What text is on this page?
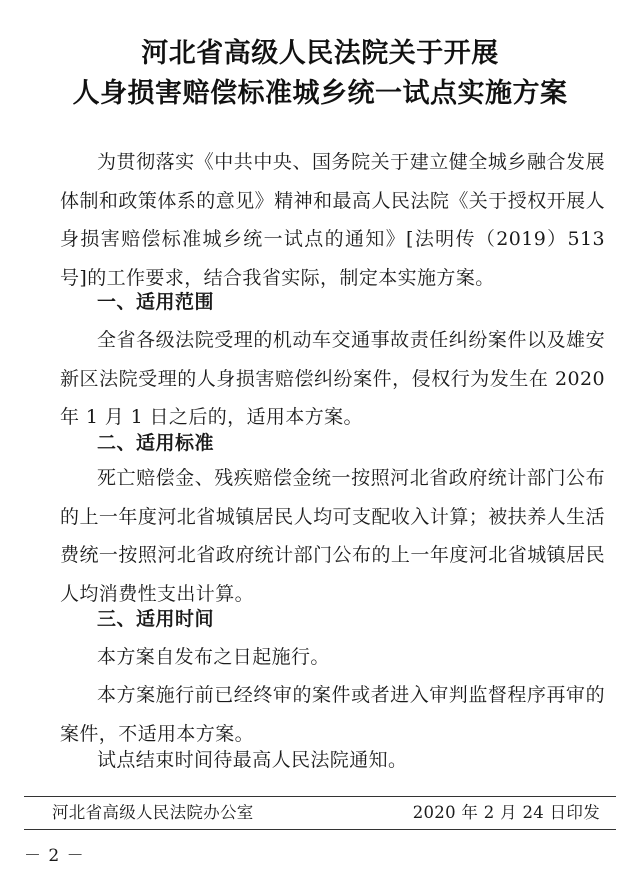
河北省高级人民法院关于开展
人身损害赔偿标准城乡统一试点实施方案

为贯彻落实《中共中央、国务院关于建立健全城乡融合发展体制和政策体系的意见》精神和最高人民法院《关于授权开展人身损害赔偿标准城乡统一试点的通知》[法明传（2019）513 号]的工作要求，结合我省实际，制定本实施方案。

一、适用范围

全省各级法院受理的机动车交通事故责任纠纷案件以及雄安新区法院受理的人身损害赔偿纠纷案件，侵权行为发生在 2020 年 1 月 1 日之后的，适用本方案。

二、适用标准

死亡赔偿金、残疾赔偿金统一按照河北省政府统计部门公布的上一年度河北省城镇居民人均可支配收入计算；被扶养人生活费统一按照河北省政府统计部门公布的上一年度河北省城镇居民人均消费性支出计算。

三、适用时间

本方案自发布之日起施行。

本方案施行前已经终审的案件或者进入审判监督程序再审的案件，不适用本方案。

试点结束时间待最高人民法院通知。

河北省高级人民法院办公室	2020 年 2 月 24 日印发
－ 2 －
